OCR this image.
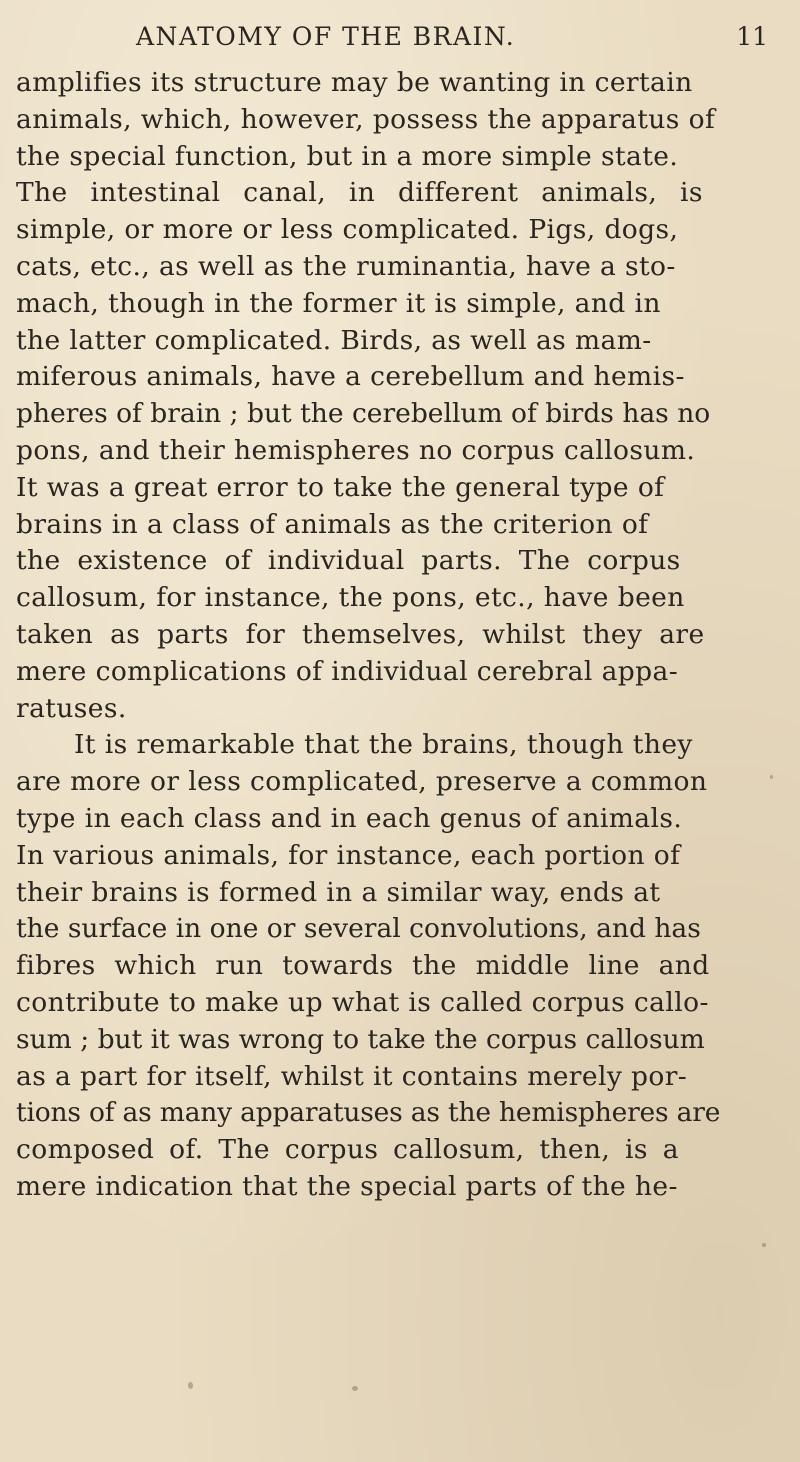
ANATOMY OF THE BRAIN.	11
amplifies its structure may be wanting in certain
animals, which, however, possess the apparatus of
the special function, but in a more simple state.
The intestinal canal, in different animals, is
simple, or more or less complicated. Pigs, dogs,
cats, etc., as well as the ruminantia, have a sto-
mach, though in the former it is simple, and in
the latter complicated. Birds, as well as mam-
miferous animals, have a cerebellum and hemis-
pheres of brain ; but the cerebellum of birds has no
pons, and their hemispheres no corpus callosum.
It was a great error to take the general type of
brains in a class of animals as the criterion of
the existence of individual parts. The corpus
callosum, for instance, the pons, etc., have been
taken as parts for themselves, whilst they are
mere complications of individual cerebral appa-
ratuses.
It is remarkable that the brains, though they
are more or less complicated, preserve a common
type in each class and in each genus of animals.
In various animals, for instance, each portion of
their brains is formed in a similar way, ends at
the surface in one or several convolutions, and has
fibres which run towards the middle line and
contribute to make up what is called corpus callo-
sum ; but it was wrong to take the corpus callosum
as a part for itself, whilst it contains merely por-
tions of as many apparatuses as the hemispheres are
composed of. The corpus callosum, then, is a
mere indication that the special parts of the he-
